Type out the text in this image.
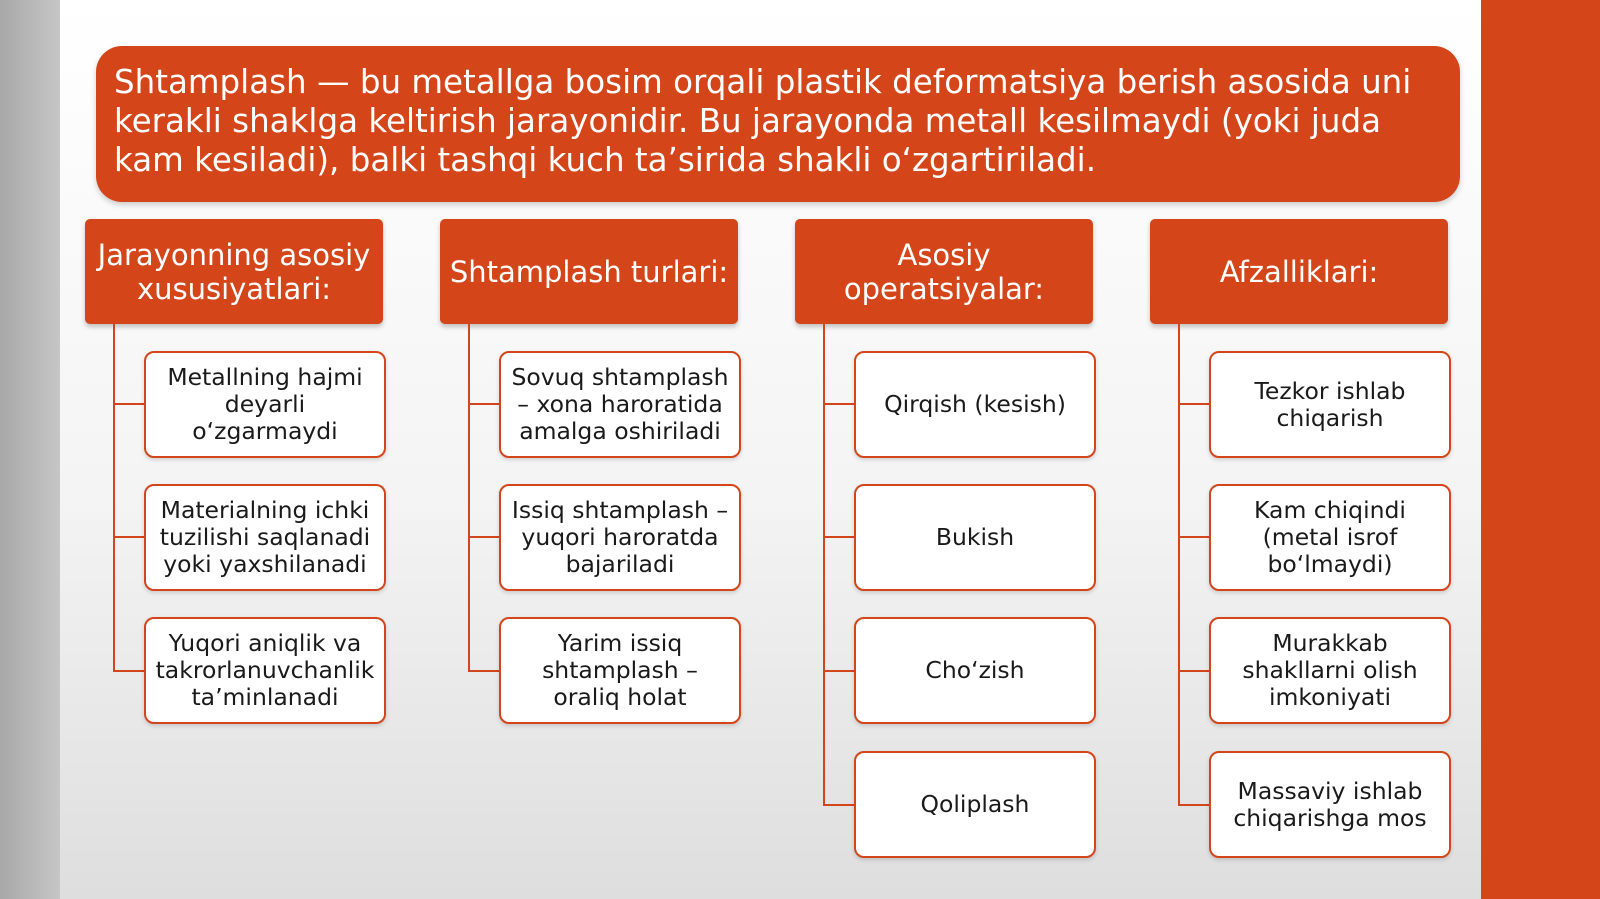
Shtamplash — bu metallga bosim orqali plastik deformatsiya berish asosida uni kerakli shaklga keltirish jarayonidir. Bu jarayonda metall kesilmaydi (yoki juda kam kesiladi), balki tashqi kuch ta’sirida shakli o‘zgartiriladi.
Jarayonning asosiy xususiyatlari:
Metallning hajmi deyarli o‘zgarmaydi
Materialning ichki tuzilishi saqlanadi yoki yaxshilanadi
Yuqori aniqlik va takrorlanuvchanlik ta’minlanadi
Shtamplash turlari:
Sovuq shtamplash – xona haroratida amalga oshiriladi
Issiq shtamplash – yuqori haroratda bajariladi
Yarim issiq shtamplash – oraliq holat
Asosiy operatsiyalar:
Qirqish (kesish)
Bukish
Cho‘zish
Qoliplash
Afzalliklari:
Tezkor ishlab chiqarish
Kam chiqindi (metal isrof bo‘lmaydi)
Murakkab shakllarni olish imkoniyati
Massaviy ishlab chiqarishga mos
